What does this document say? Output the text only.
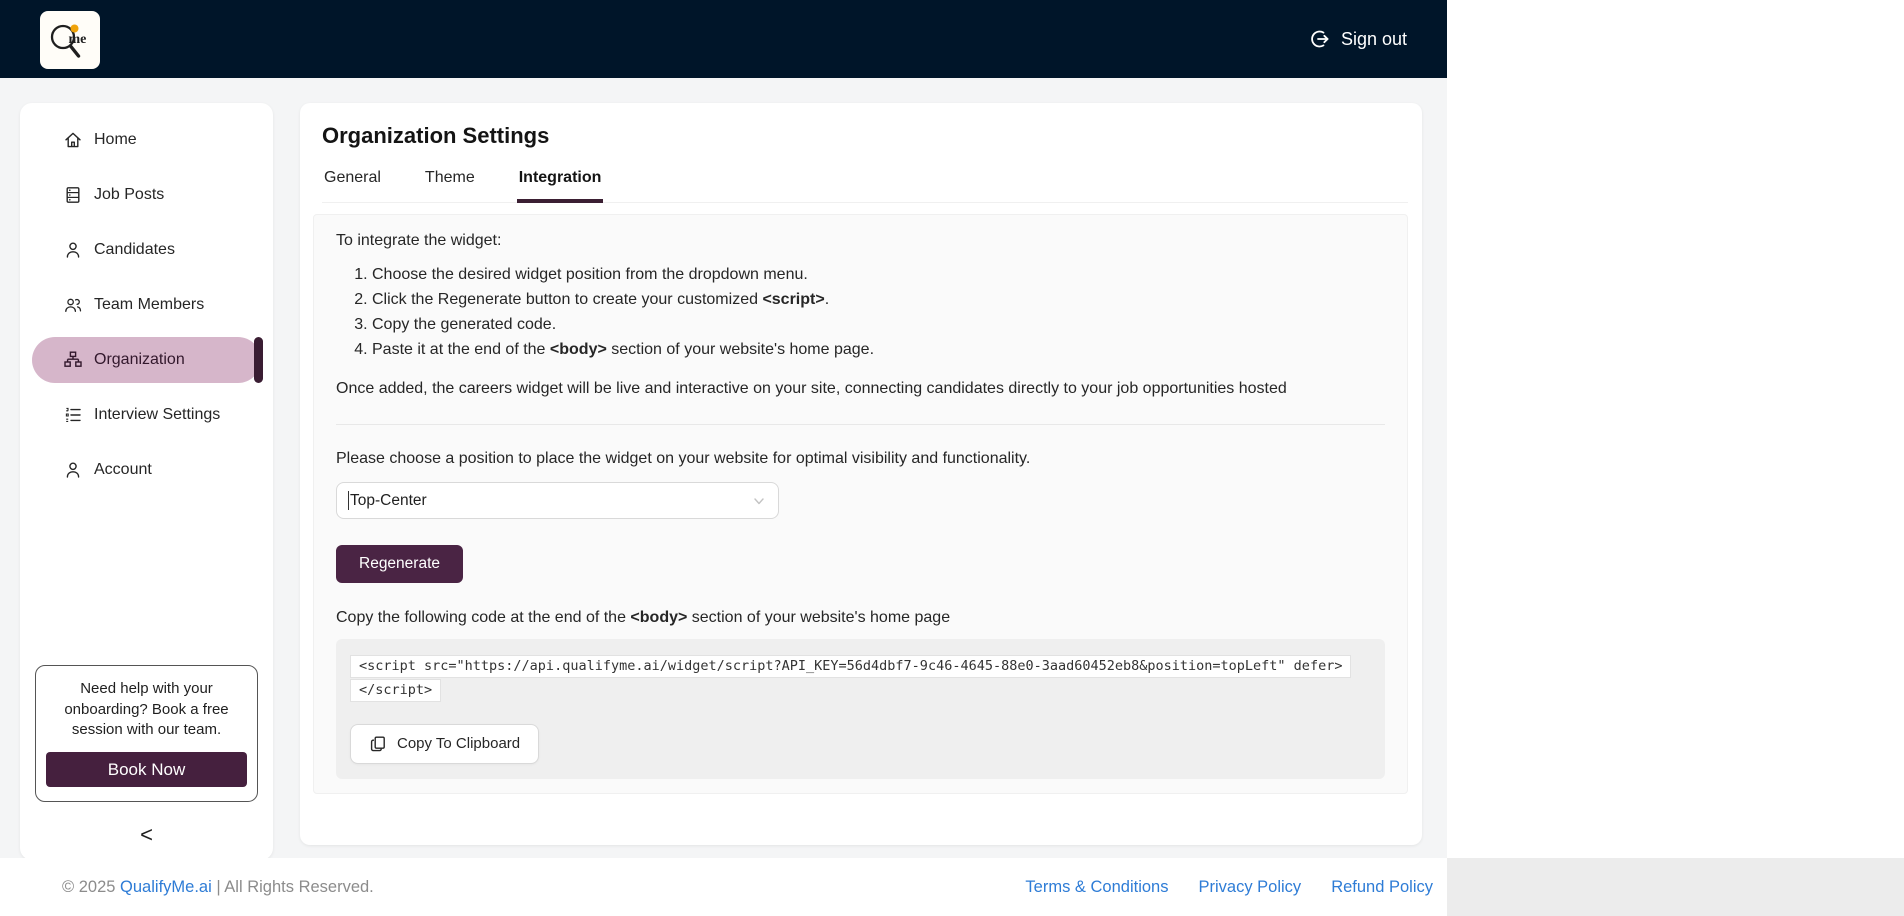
me	Sign out
Home
Job Posts
Candidates
Team Members
Organization
Interview Settings
Account
Need help with your onboarding? Book a free session with our team.
Book Now
<
Organization Settings
General	Theme	Integration
To integrate the widget:
1. Choose the desired widget position from the dropdown menu.
2. Click the Regenerate button to create your customized <script>.
3. Copy the generated code.
4. Paste it at the end of the <body> section of your website's home page.
Once added, the careers widget will be live and interactive on your site, connecting candidates directly to your job opportunities hosted
Please choose a position to place the widget on your website for optimal visibility and functionality.
Top-Center
Regenerate
Copy the following code at the end of the <body> section of your website's home page
<script src="https://api.qualifyme.ai/widget/script?API_KEY=56d4dbf7-9c46-4645-88e0-3aad60452eb8&position=topLeft" defer>
</script>
Copy To Clipboard
© 2025 QualifyMe.ai | All Rights Reserved.	Terms & Conditions Privacy Policy Refund Policy
